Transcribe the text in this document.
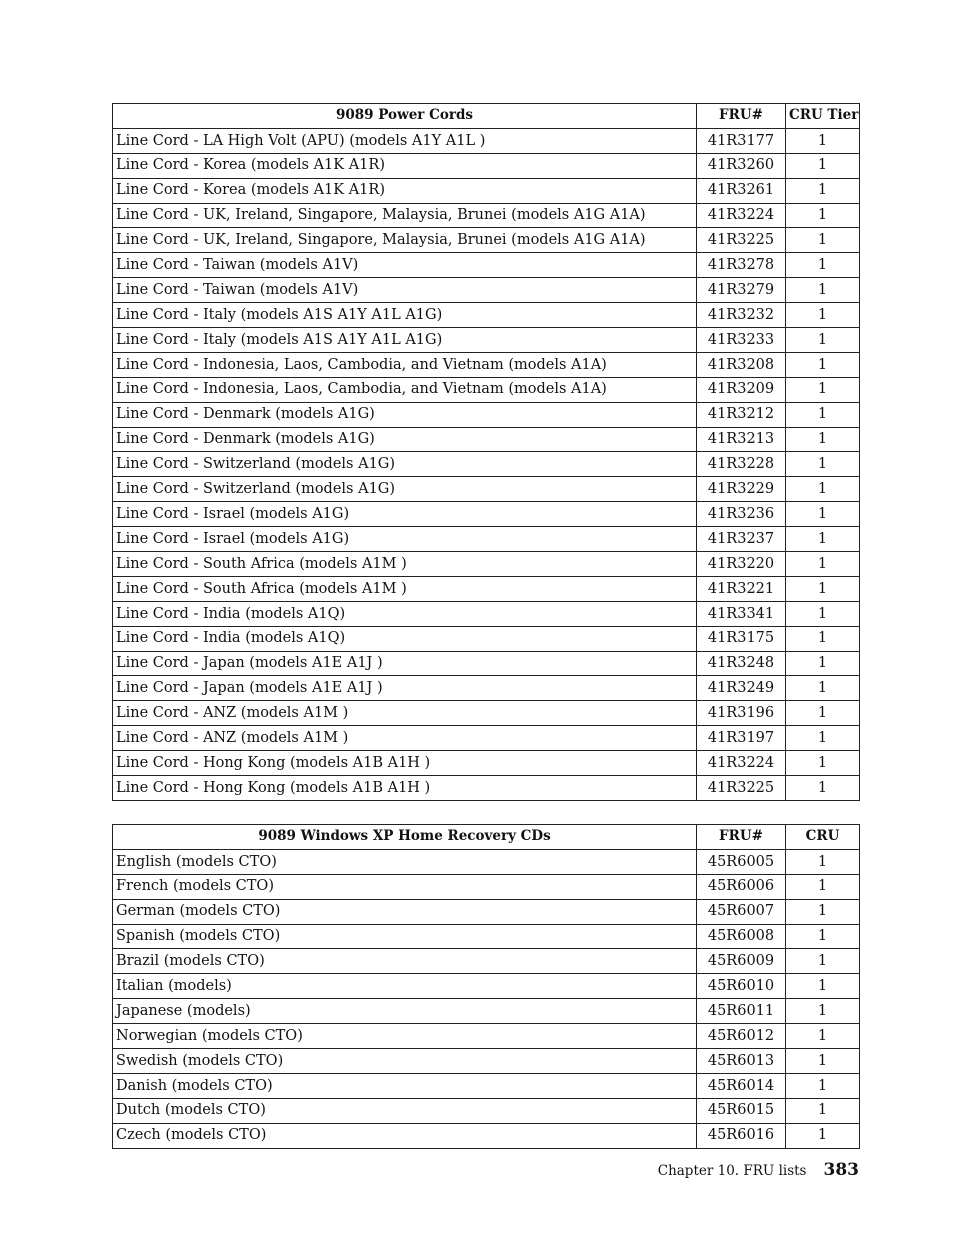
9089 Power Cords	FRU#	CRU Tier
Line Cord - LA High Volt (APU) (models A1Y A1L )	41R3177	1
Line Cord - Korea (models A1K A1R)	41R3260	1
Line Cord - Korea (models A1K A1R)	41R3261	1
Line Cord - UK, Ireland, Singapore, Malaysia, Brunei (models A1G A1A)	41R3224	1
Line Cord - UK, Ireland, Singapore, Malaysia, Brunei (models A1G A1A)	41R3225	1
Line Cord - Taiwan (models A1V)	41R3278	1
Line Cord - Taiwan (models A1V)	41R3279	1
Line Cord - Italy (models A1S A1Y A1L A1G)	41R3232	1
Line Cord - Italy (models A1S A1Y A1L A1G)	41R3233	1
Line Cord - Indonesia, Laos, Cambodia, and Vietnam (models A1A)	41R3208	1
Line Cord - Indonesia, Laos, Cambodia, and Vietnam (models A1A)	41R3209	1
Line Cord - Denmark (models A1G)	41R3212	1
Line Cord - Denmark (models A1G)	41R3213	1
Line Cord - Switzerland (models A1G)	41R3228	1
Line Cord - Switzerland (models A1G)	41R3229	1
Line Cord - Israel (models A1G)	41R3236	1
Line Cord - Israel (models A1G)	41R3237	1
Line Cord - South Africa (models A1M )	41R3220	1
Line Cord - South Africa (models A1M )	41R3221	1
Line Cord - India (models A1Q)	41R3341	1
Line Cord - India (models A1Q)	41R3175	1
Line Cord - Japan (models A1E A1J )	41R3248	1
Line Cord - Japan (models A1E A1J )	41R3249	1
Line Cord - ANZ (models A1M )	41R3196	1
Line Cord - ANZ (models A1M )	41R3197	1
Line Cord - Hong Kong (models A1B A1H )	41R3224	1
Line Cord - Hong Kong (models A1B A1H )	41R3225	1
9089 Windows XP Home Recovery CDs	FRU#	CRU
English (models CTO)	45R6005	1
French (models CTO)	45R6006	1
German (models CTO)	45R6007	1
Spanish (models CTO)	45R6008	1
Brazil (models CTO)	45R6009	1
Italian (models)	45R6010	1
Japanese (models)	45R6011	1
Norwegian (models CTO)	45R6012	1
Swedish (models CTO)	45R6013	1
Danish (models CTO)	45R6014	1
Dutch (models CTO)	45R6015	1
Czech (models CTO)	45R6016	1
Chapter 10. FRU lists 383
